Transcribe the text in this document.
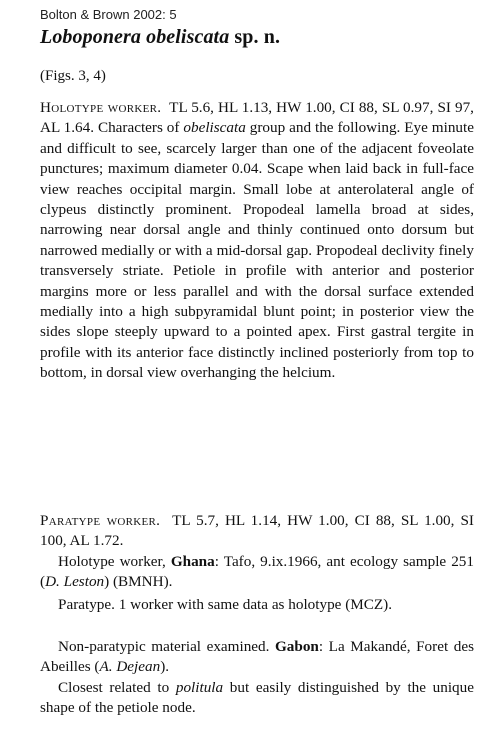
Bolton & Brown 2002: 5
Loboponera obeliscata sp. n.
(Figs. 3, 4)
Holotype worker. TL 5.6, HL 1.13, HW 1.00, CI 88, SL 0.97, SI 97, AL 1.64. Characters of obeliscata group and the following. Eye minute and difficult to see, scarcely larger than one of the adjacent foveolate punctures; maximum diameter 0.04. Scape when laid back in full-face view reaches occipital margin. Small lobe at anterolateral angle of clypeus distinctly prominent. Propodeal lamella broad at sides, narrowing near dorsal angle and thinly continued onto dorsum but narrowed medially or with a mid-dorsal gap. Propodeal declivity finely transversely striate. Petiole in profile with anterior and posterior margins more or less parallel and with the dorsal surface extended medially into a high subpyramidal blunt point; in posterior view the sides slope steeply upward to a pointed apex. First gastral tergite in profile with its anterior face distinctly inclined posteriorly from top to bottom, in dorsal view overhanging the helcium.
Paratype worker. TL 5.7, HL 1.14, HW 1.00, CI 88, SL 1.00, SI 100, AL 1.72.
Holotype worker, Ghana: Tafo, 9.ix.1966, ant ecology sample 251 (D. Leston) (BMNH).
Paratype. 1 worker with same data as holotype (MCZ).
Non-paratypic material examined. Gabon: La Makandé, Foret des Abeilles (A. Dejean).
Closest related to politula but easily distinguished by the unique shape of the petiole node.
